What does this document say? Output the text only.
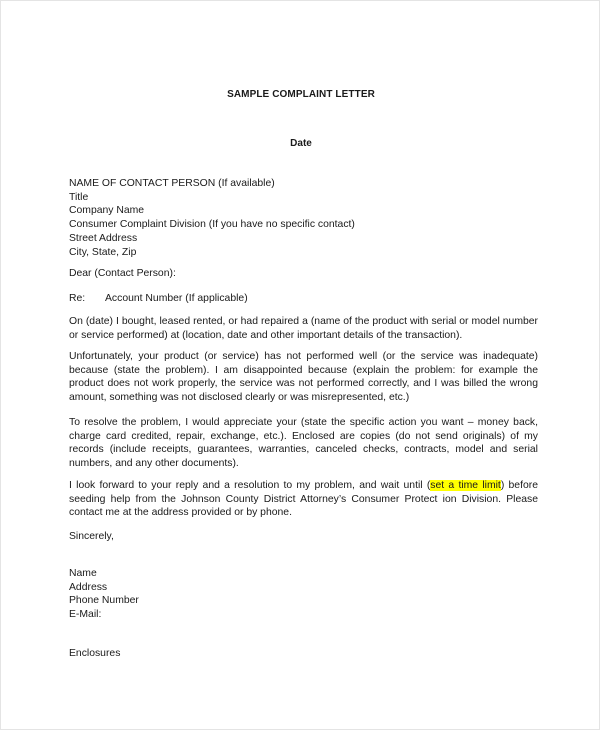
SAMPLE COMPLAINT LETTER
Date
NAME OF CONTACT PERSON (If available)
Title
Company Name
Consumer Complaint Division (If you have no specific contact)
Street Address
City, State, Zip
Dear (Contact Person):
Re: Account Number (If applicable)

On (date) I bought, leased rented, or had repaired a (name of the product with serial or model number or service performed) at (location, date and other important details of the transaction).

Unfortunately, your product (or service) has not performed well (or the service was inadequate) because (state the problem). I am disappointed because (explain the problem: for example the product does not work properly, the service was not performed correctly, and I was billed the wrong amount, something was not disclosed clearly or was misrepresented, etc.)

To resolve the problem, I would appreciate your (state the specific action you want – money back, charge card credited, repair, exchange, etc.). Enclosed are copies (do not send originals) of my records (include receipts, guarantees, warranties, canceled checks, contracts, model and serial numbers, and any other documents).

I look forward to your reply and a resolution to my problem, and wait until (set a time limit) before seeding help from the Johnson County District Attorney’s Consumer Protect ion Division. Please contact me at the address provided or by phone.

Sincerely,
Name
Address
Phone Number
E-Mail:
Enclosures
